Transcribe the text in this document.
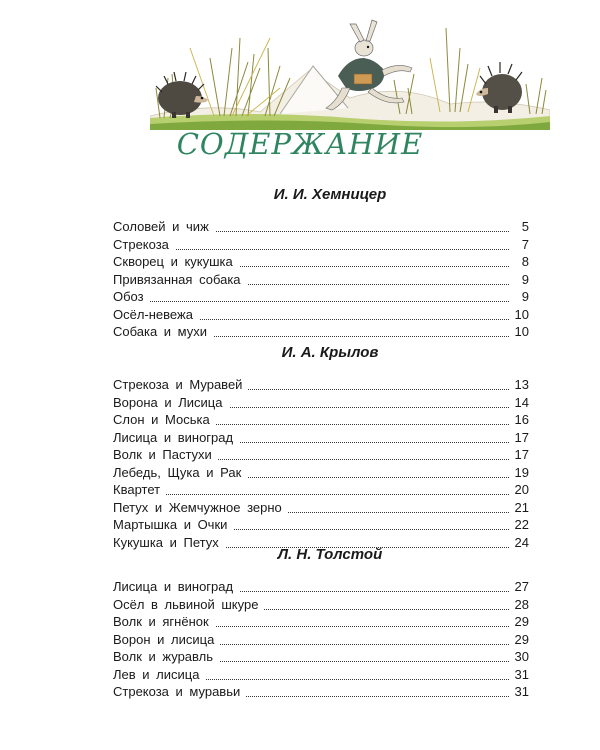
СОДЕРЖАНИЕ
И. И. Хемницер
Соловей и чиж	5
Стрекоза	7
Скворец и кукушка	8
Привязанная собака	9
Обоз	9
Осёл-невежа	10
Собака и мухи	10
И. А. Крылов
Стрекоза и Муравей	13
Ворона и Лисица	14
Слон и Моська	16
Лисица и виноград	17
Волк и Пастухи	17
Лебедь, Щука и Рак	19
Квартет	20
Петух и Жемчужное зерно	21
Мартышка и Очки	22
Кукушка и Петух	24
Л. Н. Толстой
Лисица и виноград	27
Осёл в львиной шкуре	28
Волк и ягнёнок	29
Ворон и лисица	29
Волк и журавль	30
Лев и лисица	31
Стрекоза и муравьи	31
